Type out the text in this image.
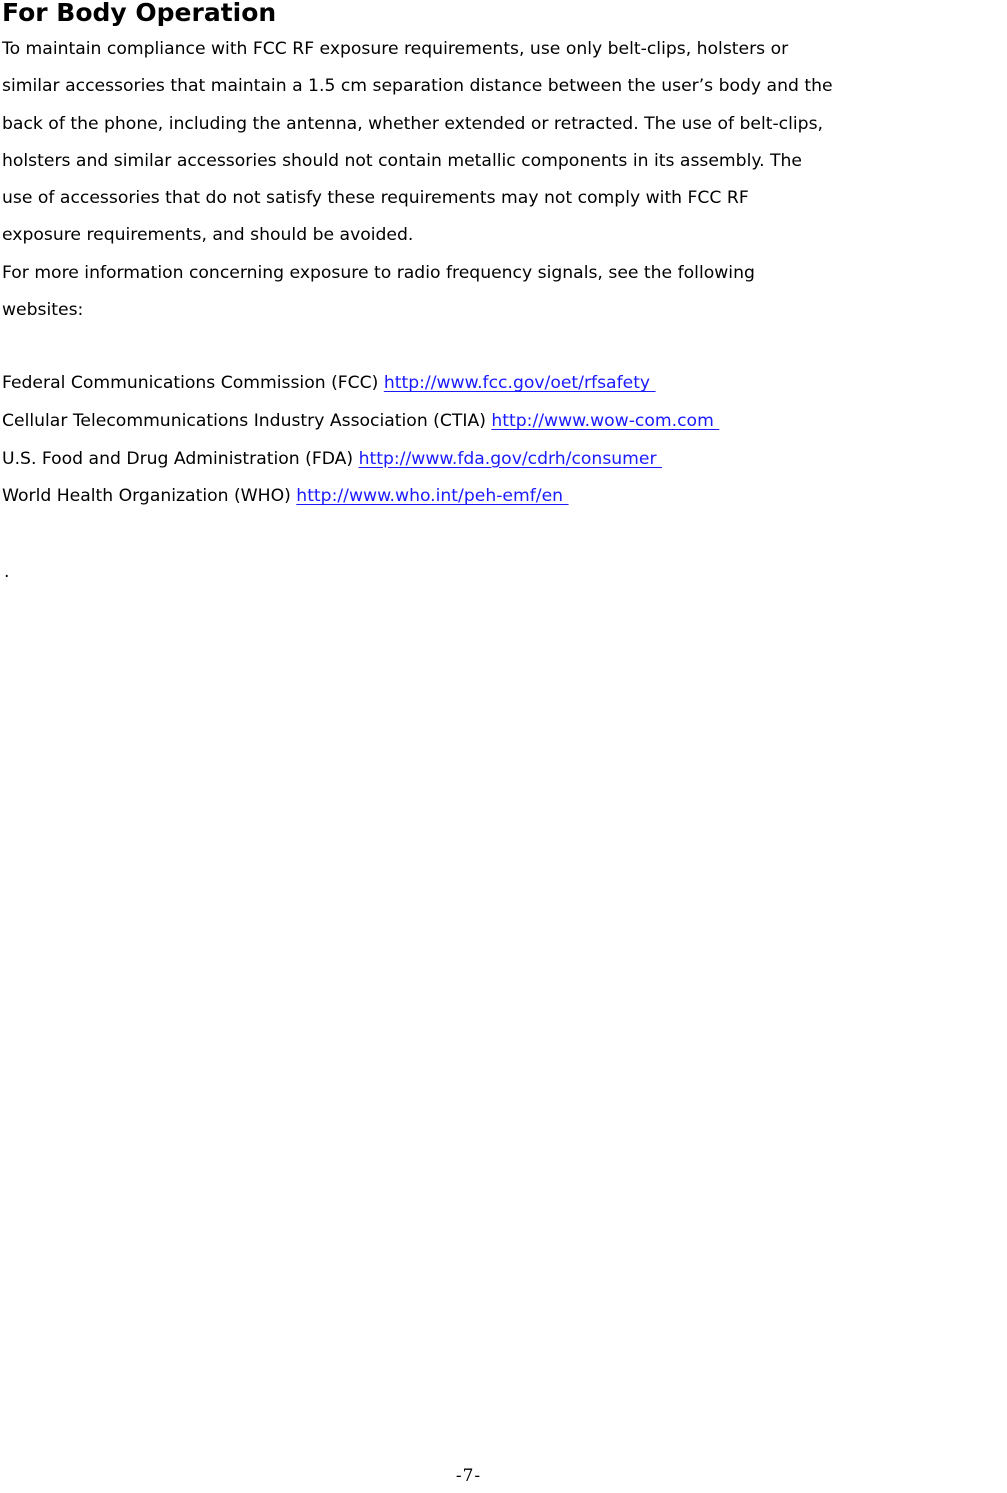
For Body Operation

To maintain compliance with FCC RF exposure requirements, use only belt-clips, holsters or

similar accessories that maintain a 1.5 cm separation distance between the user’s body and the

back of the phone, including the antenna, whether extended or retracted. The use of belt-clips,

holsters and similar accessories should not contain metallic components in its assembly. The

use of accessories that do not satisfy these requirements may not comply with FCC RF

exposure requirements, and should be avoided.

For more information concerning exposure to radio frequency signals, see the following

websites:

Federal Communications Commission (FCC) http://www.fcc.gov/oet/rfsafety
Cellular Telecommunications Industry Association (CTIA) http://www.wow-com.com
U.S. Food and Drug Administration (FDA) http://www.fda.gov/cdrh/consumer
World Health Organization (WHO) http://www.who.int/peh-emf/en
.
-7-
